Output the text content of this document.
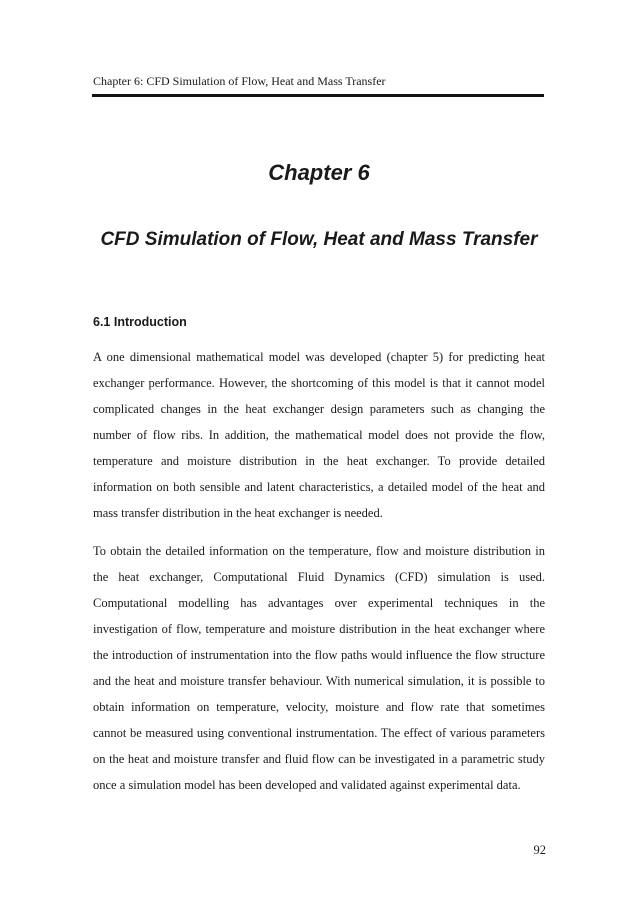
Chapter 6: CFD Simulation of Flow, Heat and Mass Transfer
Chapter 6
CFD Simulation of Flow, Heat and Mass Transfer
6.1 Introduction
A one dimensional mathematical model was developed (chapter 5) for predicting heat
exchanger performance. However, the shortcoming of this model is that it cannot model
complicated changes in the heat exchanger design parameters such as changing the
number of flow ribs. In addition, the mathematical model does not provide the flow,
temperature and moisture distribution in the heat exchanger. To provide detailed
information on both sensible and latent characteristics, a detailed model of the heat and
mass transfer distribution in the heat exchanger is needed.
To obtain the detailed information on the temperature, flow and moisture distribution in
the heat exchanger, Computational Fluid Dynamics (CFD) simulation is used.
Computational modelling has advantages over experimental techniques in the
investigation of flow, temperature and moisture distribution in the heat exchanger where
the introduction of instrumentation into the flow paths would influence the flow structure
and the heat and moisture transfer behaviour. With numerical simulation, it is possible to
obtain information on temperature, velocity, moisture and flow rate that sometimes
cannot be measured using conventional instrumentation. The effect of various parameters
on the heat and moisture transfer and fluid flow can be investigated in a parametric study
once a simulation model has been developed and validated against experimental data.
92
